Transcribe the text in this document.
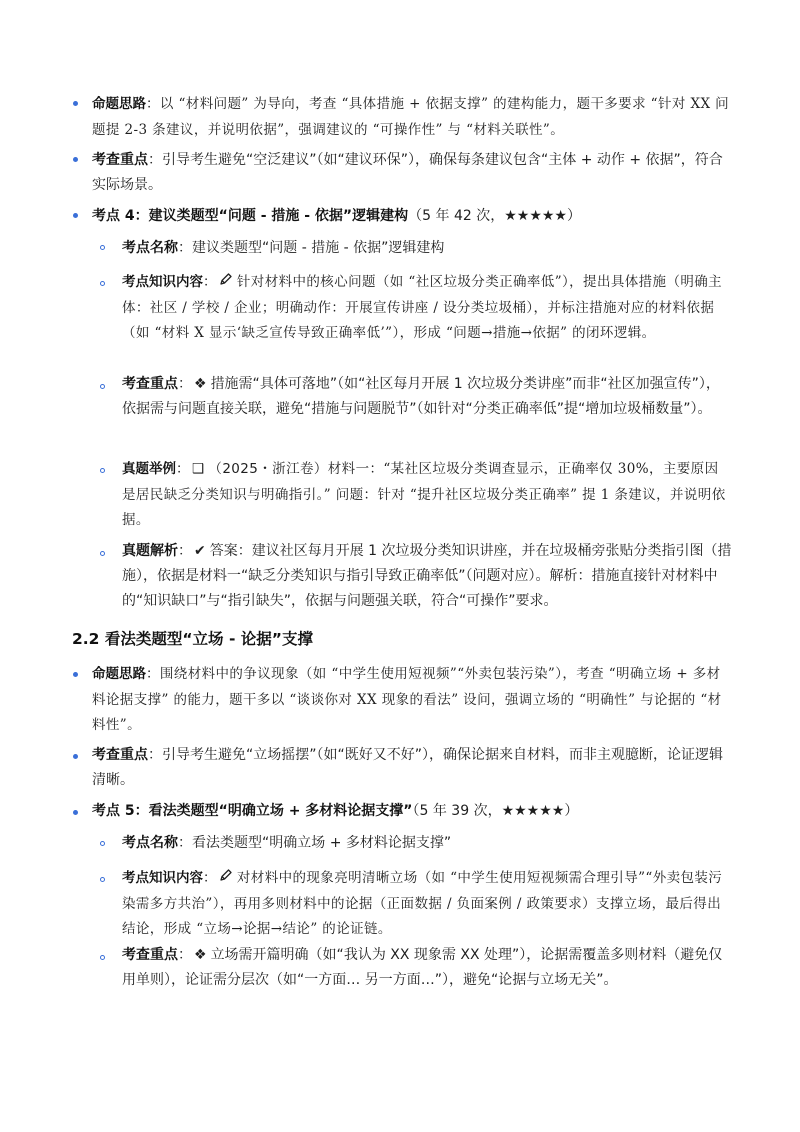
命题思路：以 “材料问题” 为导向，考查 “具体措施 + 依据支撑” 的建构能力，题干多要求 “针对 XX 问题提 2-3 条建议，并说明依据”，强调建议的 “可操作性” 与 “材料关联性”。
考查重点：引导考生避免“空泛建议”（如“建议环保”），确保每条建议包含“主体 + 动作 + 依据”，符合实际场景。
考点 4：建议类题型“问题 - 措施 - 依据”逻辑建构（5 年 42 次，★★★★★）
考点名称：建议类题型“问题 - 措施 - 依据”逻辑建构
考点知识内容： 针对材料中的核心问题（如 “社区垃圾分类正确率低”），提出具体措施（明确主体：社区 / 学校 / 企业；明确动作：开展宣传讲座 / 设分类垃圾桶），并标注措施对应的材料依据（如 “材料 X 显示‘缺乏宣传导致正确率低’”），形成 “问题→措施→依据” 的闭环逻辑。
考查重点： ❖ 措施需“具体可落地”（如“社区每月开展 1 次垃圾分类讲座”而非“社区加强宣传”），依据需与问题直接关联，避免“措施与问题脱节”（如针对“分类正确率低”提“增加垃圾桶数量”）。
真题举例： ❑ （2025・浙江卷）材料一：“某社区垃圾分类调查显示，正确率仅 30%，主要原因是居民缺乏分类知识与明确指引。” 问题：针对 “提升社区垃圾分类正确率” 提 1 条建议，并说明依据。
真题解析： ✔ 答案：建议社区每月开展 1 次垃圾分类知识讲座，并在垃圾桶旁张贴分类指引图（措施），依据是材料一“缺乏分类知识与指引导致正确率低”（问题对应）。解析：措施直接针对材料中的“知识缺口”与“指引缺失”，依据与问题强关联，符合“可操作”要求。
2.2 看法类题型“立场 - 论据”支撑
命题思路：围绕材料中的争议现象（如 “中学生使用短视频”“外卖包装污染”），考查 “明确立场 + 多材料论据支撑” 的能力，题干多以 “谈谈你对 XX 现象的看法” 设问，强调立场的 “明确性” 与论据的 “材料性”。
考查重点：引导考生避免“立场摇摆”（如“既好又不好”），确保论据来自材料，而非主观臆断，论证逻辑清晰。
考点 5：看法类题型“明确立场 + 多材料论据支撑”（5 年 39 次，★★★★★）
考点名称：看法类题型“明确立场 + 多材料论据支撑”
考点知识内容： 对材料中的现象亮明清晰立场（如 “中学生使用短视频需合理引导”“外卖包装污染需多方共治”），再用多则材料中的论据（正面数据 / 负面案例 / 政策要求）支撑立场，最后得出结论，形成 “立场→论据→结论” 的论证链。
考查重点： ❖ 立场需开篇明确（如“我认为 XX 现象需 XX 处理”），论据需覆盖多则材料（避免仅用单则），论证需分层次（如“一方面… 另一方面…”），避免“论据与立场无关”。
